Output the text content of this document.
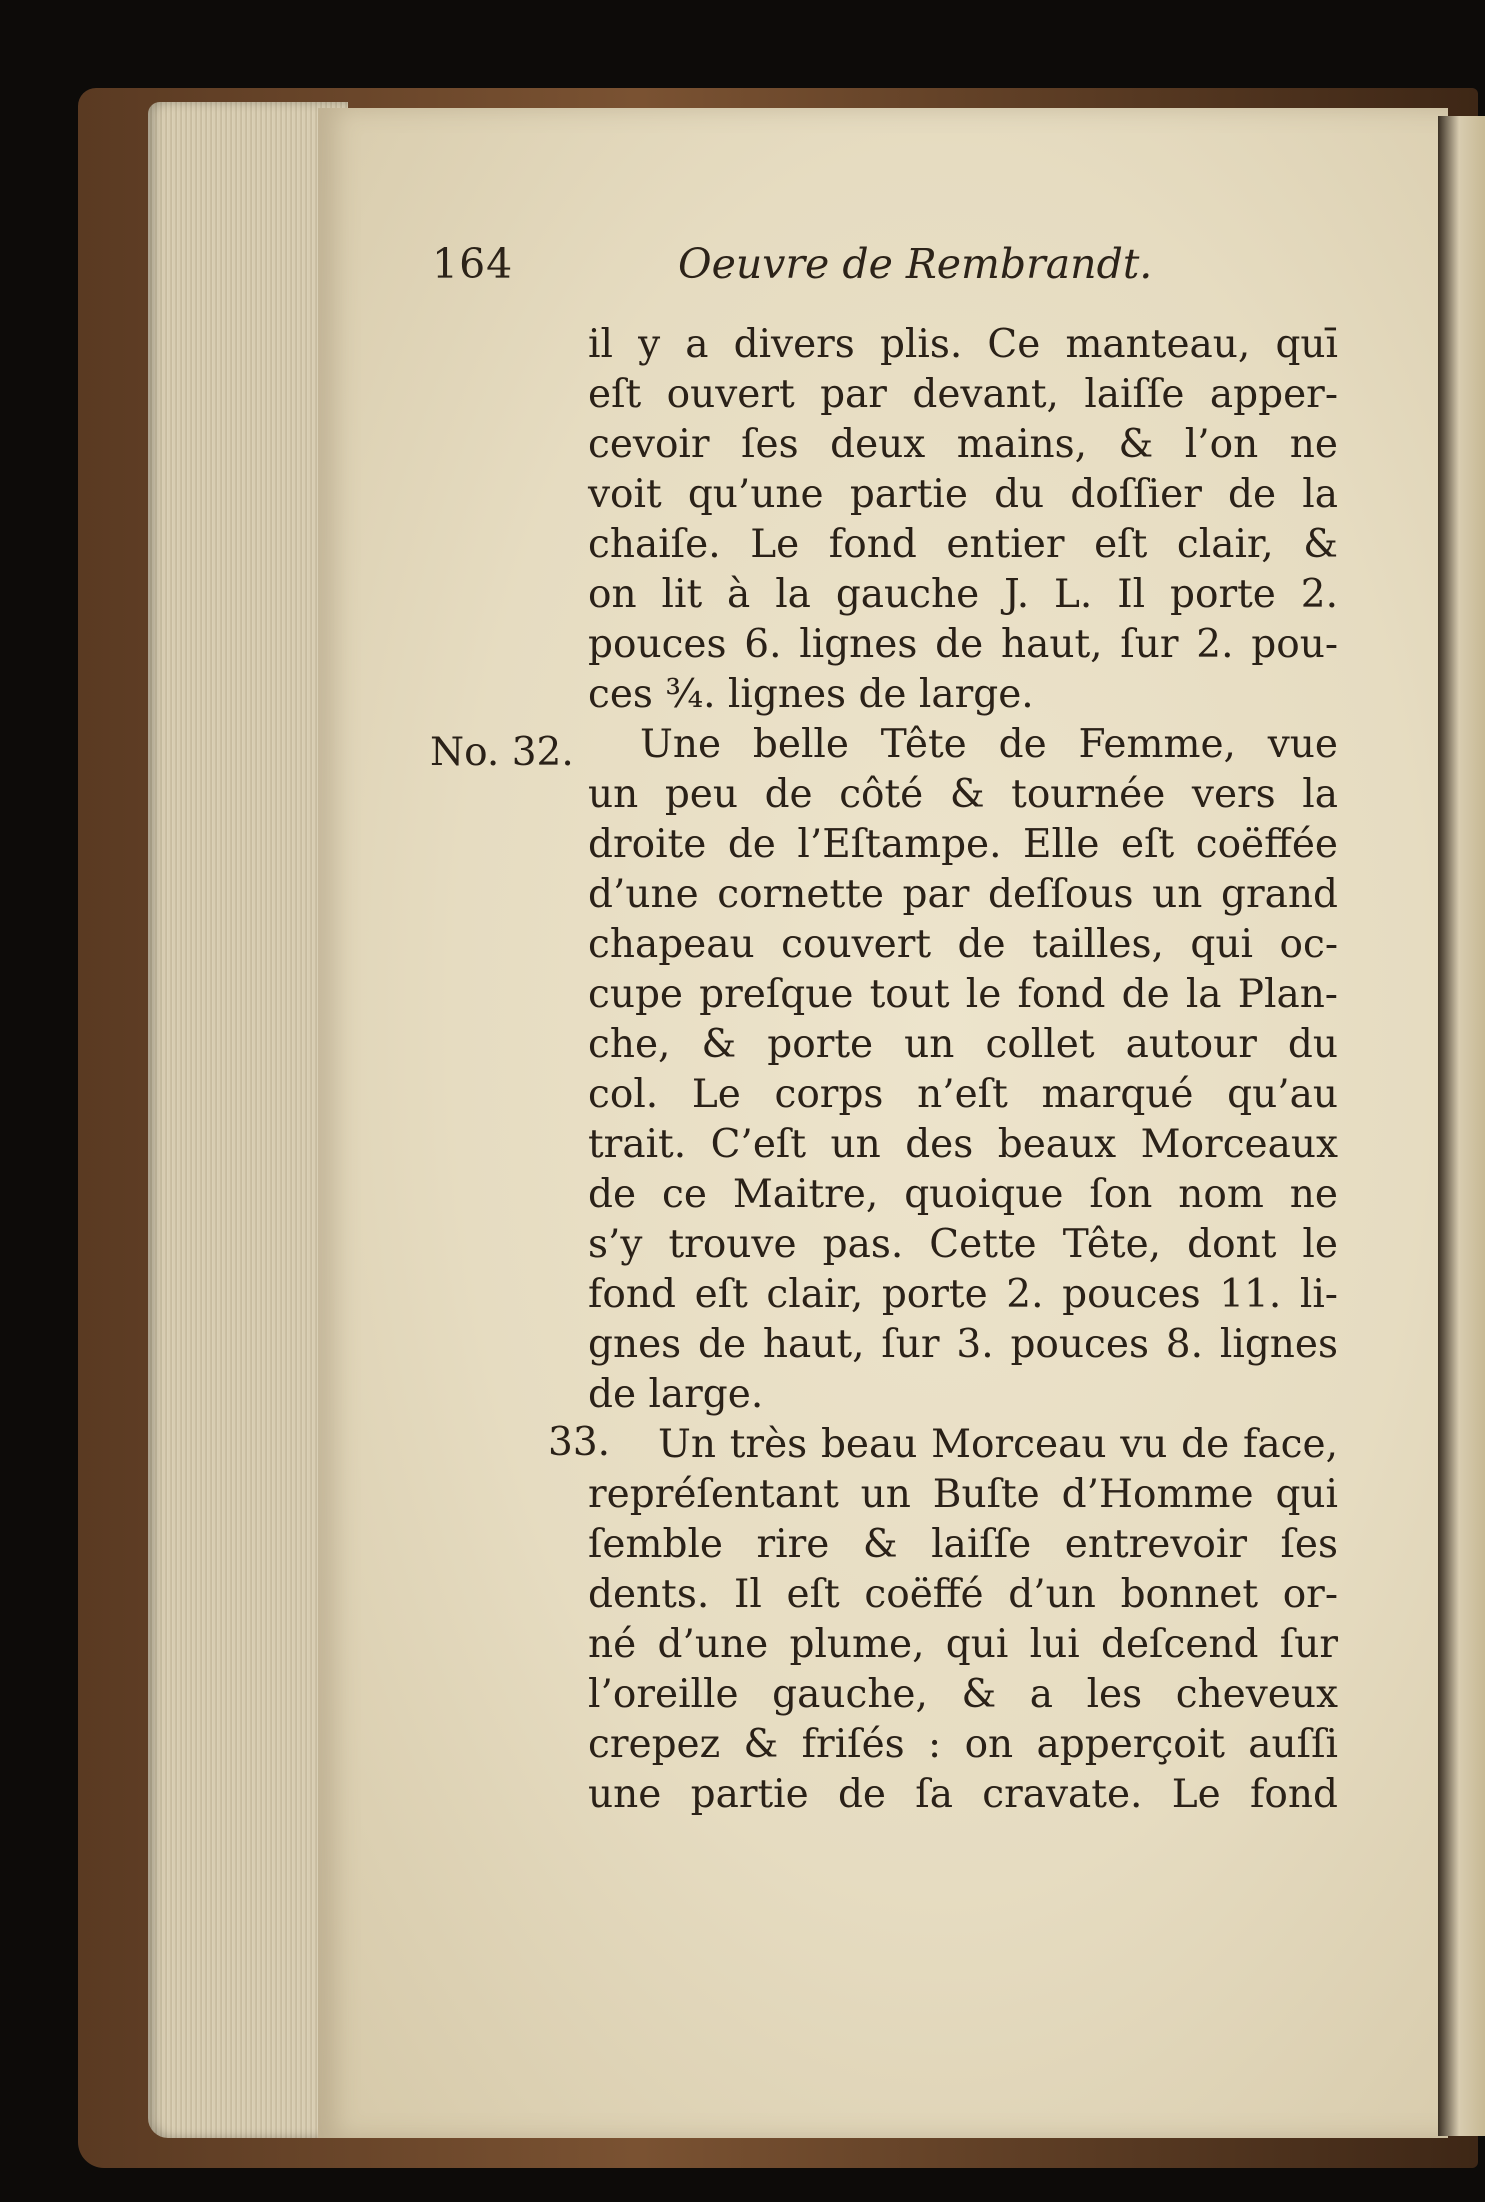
164	Oeuvre de Rembrandt.
No. 32.
33.
il y a divers plis. Ce manteau, quī
eſt ouvert par devant, laiſſe apper-
cevoir ſes deux mains, & l’on ne
voit qu’une partie du doſſier de la
chaiſe. Le fond entier eſt clair, &
on lit à la gauche J. L. Il porte 2.
pouces 6. lignes de haut, ſur 2. pou-
ces ¾. lignes de large.
Une belle Tête de Femme, vue
un peu de côté & tournée vers la
droite de l’Eſtampe. Elle eſt coëffée
d’une cornette par deſſous un grand
chapeau couvert de tailles, qui oc-
cupe preſque tout le fond de la Plan-
che, & porte un collet autour du
col. Le corps n’eſt marqué qu’au
trait. C’eſt un des beaux Morceaux
de ce Maitre, quoique ſon nom ne
s’y trouve pas. Cette Tête, dont le
fond eſt clair, porte 2. pouces 11. li-
gnes de haut, ſur 3. pouces 8. lignes
de large.
Un très beau Morceau vu de face,
repréſentant un Buſte d’Homme qui
ſemble rire & laiſſe entrevoir ſes
dents. Il eſt coëffé d’un bonnet or-
né d’une plume, qui lui deſcend ſur
l’oreille gauche, & a les cheveux
crepez & friſés : on apperçoit auſſi
une partie de ſa cravate. Le fond
